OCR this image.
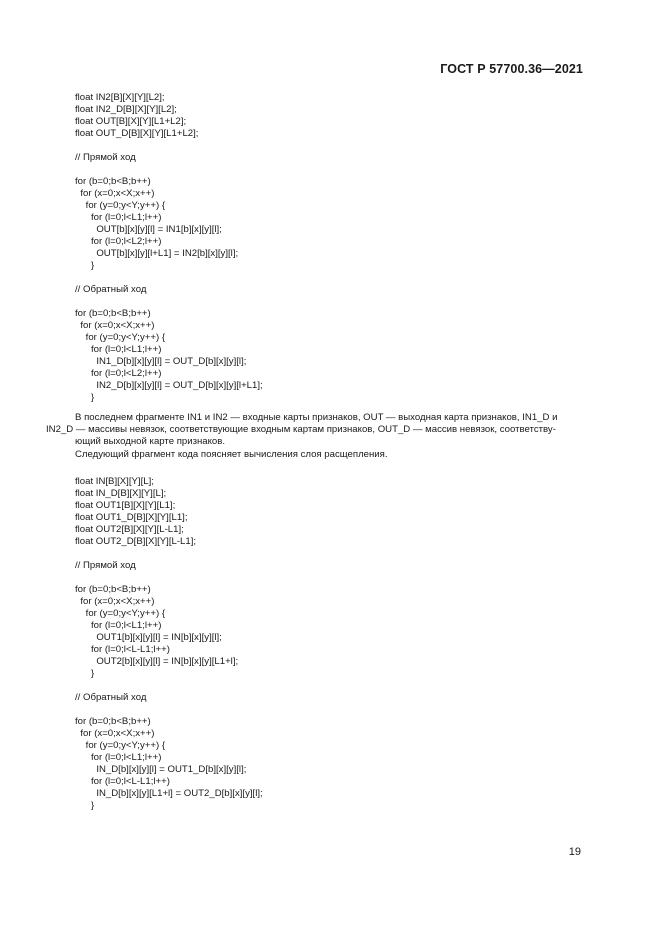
ГОСТ Р 57700.36—2021
float IN2[B][X][Y][L2];
float IN2_D[B][X][Y][L2];
float OUT[B][X][Y][L1+L2];
float OUT_D[B][X][Y][L1+L2];
// Прямой ход
for (b=0;b<B;b++)
for (x=0;x<X;x++)
for (y=0;y<Y;y++) {
for (l=0;l<L1;l++)
OUT[b][x][y][l] = IN1[b][x][y][l];
for (l=0;l<L2;l++)
OUT[b][x][y][l+L1] = IN2[b][x][y][l];
}
// Обратный ход
for (b=0;b<B;b++)
for (x=0;x<X;x++)
for (y=0;y<Y;y++) {
for (l=0;l<L1;l++)
IN1_D[b][x][y][l] = OUT_D[b][x][y][l];
for (l=0;l<L2;l++)
IN2_D[b][x][y][l] = OUT_D[b][x][y][l+L1];
}
В последнем фрагменте IN1 и IN2 — входные карты признаков, OUT — выходная карта признаков, IN1_D и
IN2_D — массивы невязок, соответствующие входным картам признаков, OUT_D — массив невязок, соответству-
ющий выходной карте признаков.
Следующий фрагмент кода поясняет вычисления слоя расщепления.
float IN[B][X][Y][L];
float IN_D[B][X][Y][L];
float OUT1[B][X][Y][L1];
float OUT1_D[B][X][Y][L1];
float OUT2[B][X][Y][L-L1];
float OUT2_D[B][X][Y][L-L1];
// Прямой ход
for (b=0;b<B;b++)
for (x=0;x<X;x++)
for (y=0;y<Y;y++) {
for (l=0;l<L1;l++)
OUT1[b][x][y][l] = IN[b][x][y][l];
for (l=0;l<L-L1;l++)
OUT2[b][x][y][l] = IN[b][x][y][L1+l];
}
// Обратный ход
for (b=0;b<B;b++)
for (x=0;x<X;x++)
for (y=0;y<Y;y++) {
for (l=0;l<L1;l++)
IN_D[b][x][y][l] = OUT1_D[b][x][y][l];
for (l=0;l<L-L1;l++)
IN_D[b][x][y][L1+l] = OUT2_D[b][x][y][l];
}

19
